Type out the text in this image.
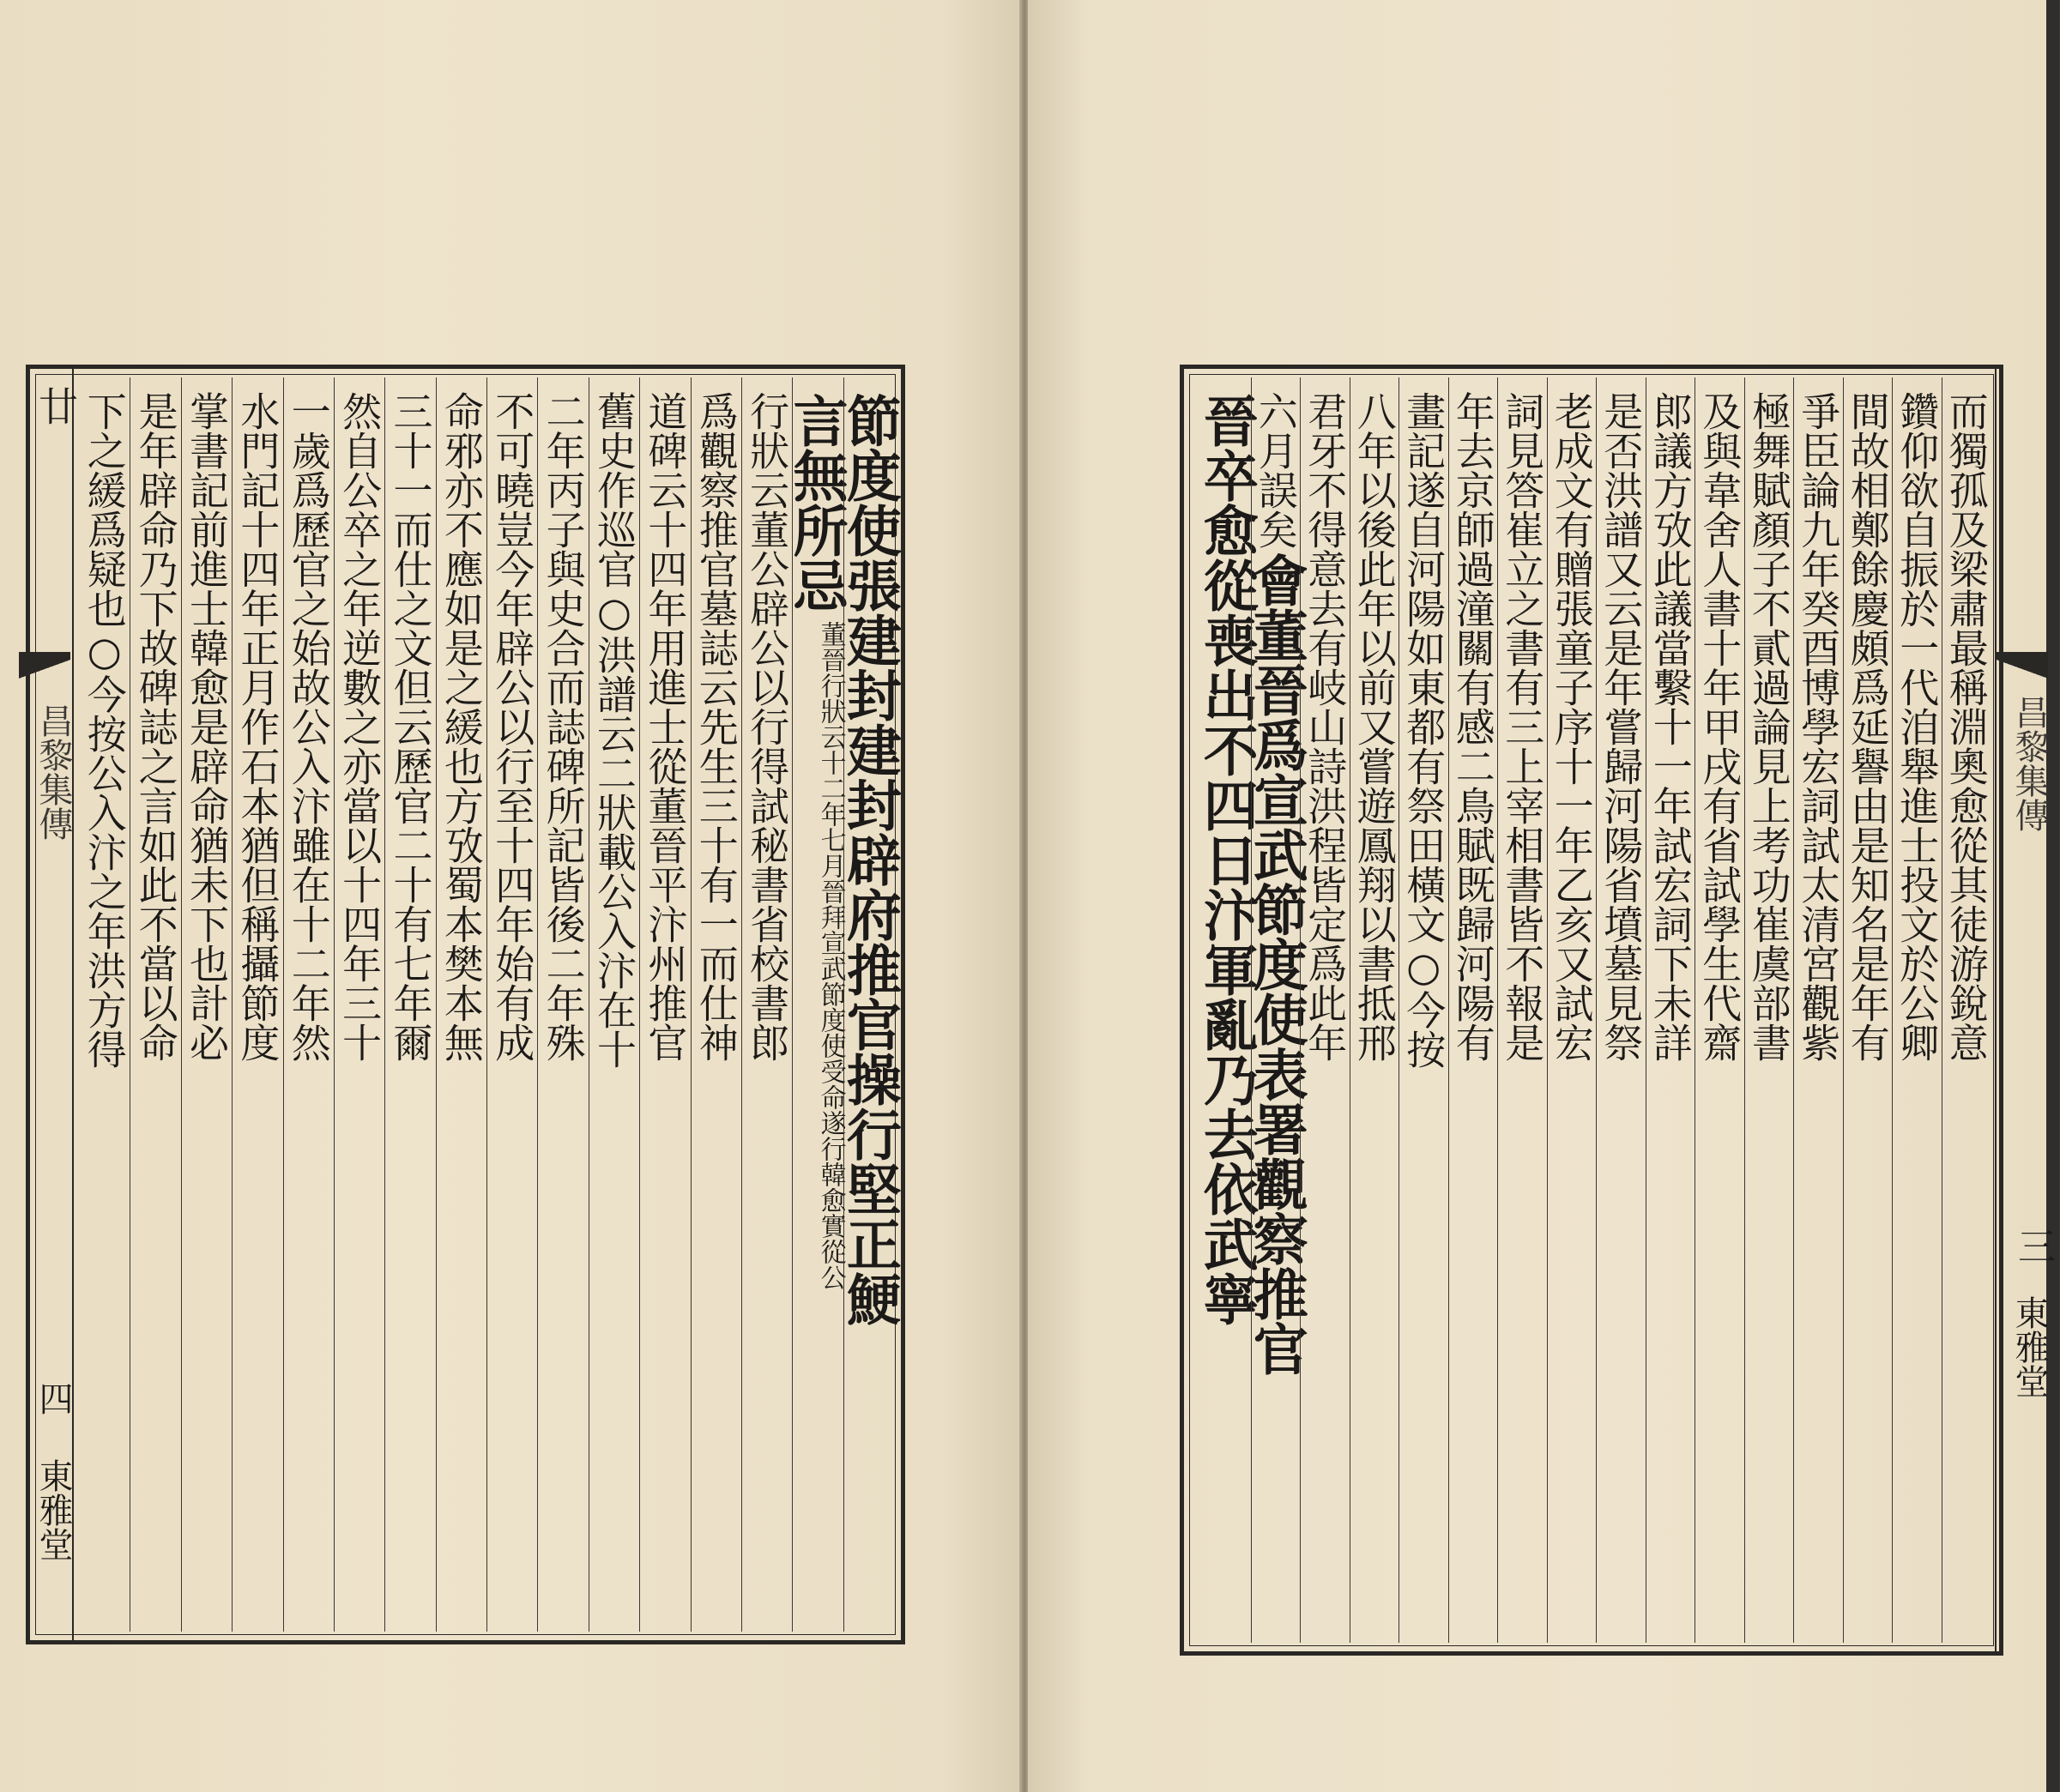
節度使張建封建封辟府推官操行堅正鯁
言無所忌
董晉行狀云十二年七月晉拜宣武節度使受命遂行韓愈實從公
行狀云董公辟公以行得試秘書省校書郎
爲觀察推官墓誌云先生三十有一而仕神
道碑云十四年用進士從董晉平汴州推官
舊史作巡官○洪譜云二狀載公入汴在十
二年丙子與史合而誌碑所記皆後二年殊
不可曉豈今年辟公以行至十四年始有成
命邪亦不應如是之緩也方攷蜀本樊本無
三十一而仕之文但云歷官二十有七年爾
然自公卒之年逆數之亦當以十四年三十
一歲爲歷官之始故公入汴雖在十二年然
水門記十四年正月作石本猶但稱攝節度
掌書記前進士韓愈是辟命猶未下也計必
是年辟命乃下故碑誌之言如此不當以命
下之緩爲疑也○今按公入汴之年洪方得
廿
昌黎集傳
四
東雅堂
而獨孤及梁肅最稱淵奧愈從其徒游銳意
鑽仰欲自振於一代洎舉進士投文於公卿
間故相鄭餘慶頗爲延譽由是知名是年有
爭臣論九年癸酉博學宏詞試太清宮觀紫
極舞賦顏子不貳過論見上考功崔虞部書
及與韋舍人書十年甲戌有省試學生代齋
郎議方攷此議當繫十一年試宏詞下未詳
是否洪譜又云是年嘗歸河陽省墳墓見祭
老成文有贈張童子序十一年乙亥又試宏
詞見答崔立之書有三上宰相書皆不報是
年去京師過潼關有感二鳥賦既歸河陽有
畫記遂自河陽如東都有祭田橫文○今按
八年以後此年以前又嘗遊鳳翔以書抵邢
君牙不得意去有岐山詩洪程皆定爲此年
六月誤矣
會董晉爲宣武節度使表署觀察推官
晉卒愈從喪出不四日汴軍亂乃去依武寧	昌黎集傳
三
東雅堂
